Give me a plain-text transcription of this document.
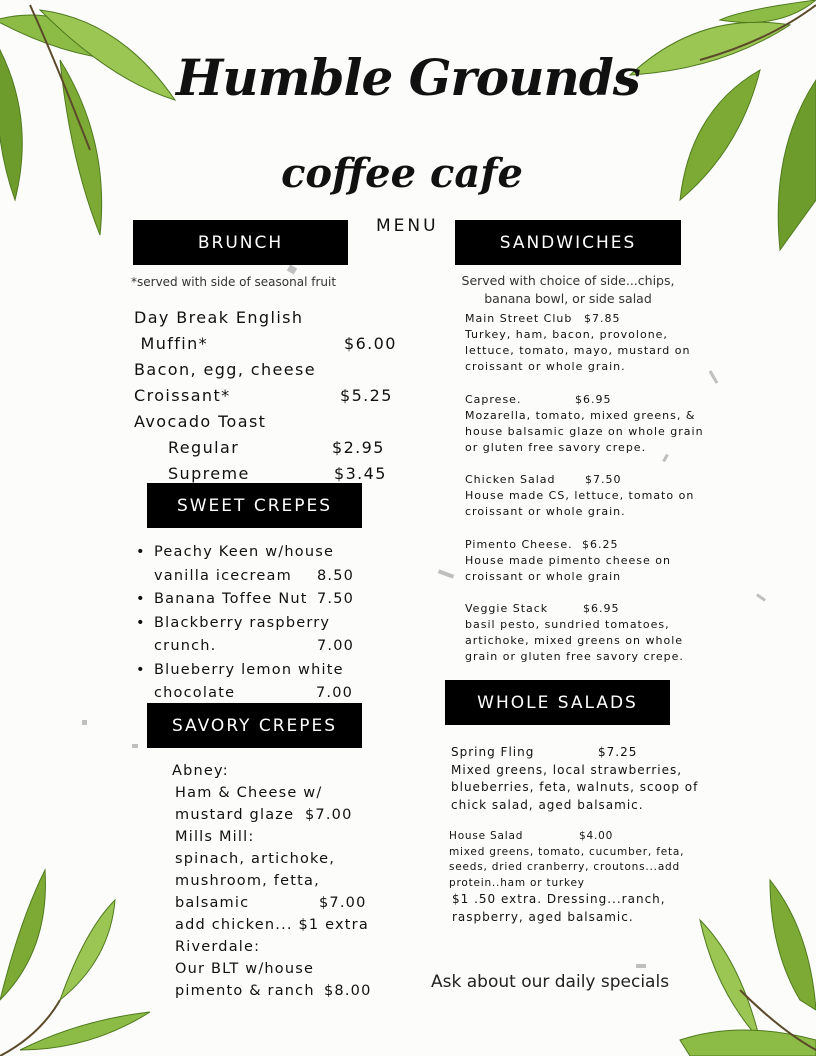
Humble Grounds
coffee cafe
MENU
BRUNCH
*served with side of seasonal fruit
Day Break English
Muffin*	$6.00
Bacon, egg, cheese
Croissant*	$5.25
Avocado Toast
Regular	$2.95
Supreme	$3.45
SWEET CREPES
• Peachy Keen w/house
vanilla icecream	8.50
• Banana Toffee Nut 7.50
• Blackberry raspberry
crunch.	7.00
• Blueberry lemon white
chocolate	7.00
SAVORY CREPES
Abney:
Ham & Cheese w/
mustard glaze $7.00
Mills Mill:
spinach, artichoke,
mushroom, fetta,
balsamic	$7.00
add chicken... $1 extra
Riverdale:
Our BLT w/house
pimento & ranch $8.00
SANDWICHES
Served with choice of side...chips, banana bowl, or side salad
Main Street Club $7.85
Turkey, ham, bacon, provolone, lettuce, tomato, mayo, mustard on croissant or whole grain.
Caprese.	$6.95
Mozarella, tomato, mixed greens, & house balsamic glaze on whole grain or gluten free savory crepe.
Chicken Salad	$7.50
House made CS, lettuce, tomato on croissant or whole grain.
Pimento Cheese. $6.25
House made pimento cheese on croissant or whole grain
Veggie Stack	$6.95
basil pesto, sundried tomatoes, artichoke, mixed greens on whole grain or gluten free savory crepe.
WHOLE SALADS
Spring Fling	$7.25
Mixed greens, local strawberries, blueberries, feta, walnuts, scoop of chick salad, aged balsamic.
House Salad	$4.00
mixed greens, tomato, cucumber, feta, seeds, dried cranberry, croutons...add protein..ham or turkey
$1 .50 extra. Dressing...ranch, raspberry, aged balsamic.
Ask about our daily specials
